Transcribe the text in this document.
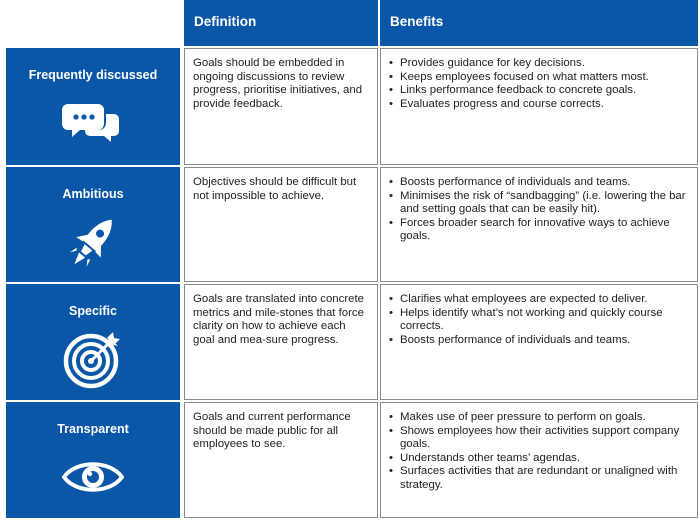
Definition	Benefits
Frequently discussed
Goals should be embedded in ongoing discussions to review progress, prioritise initiatives, and provide feedback.
• Provides guidance for key decisions.
• Keeps employees focused on what matters most.
• Links performance feedback to concrete goals.
• Evaluates progress and course corrects.
Ambitious
Objectives should be difficult but not impossible to achieve.
• Boosts performance of individuals and teams.
• Minimises the risk of “sandbagging” (i.e. lowering the bar and setting goals that can be easily hit).
• Forces broader search for innovative ways to achieve goals.
Specific
Goals are translated into concrete metrics and mile-stones that force clarity on how to achieve each goal and mea-sure progress.
• Clarifies what employees are expected to deliver.
• Helps identify what’s not working and quickly course corrects.
• Boosts performance of individuals and teams.
Transparent
Goals and current performance should be made public for all employees to see.
• Makes use of peer pressure to perform on goals.
• Shows employees how their activities support company goals.
• Understands other teams’ agendas.
• Surfaces activities that are redundant or unaligned with strategy.
